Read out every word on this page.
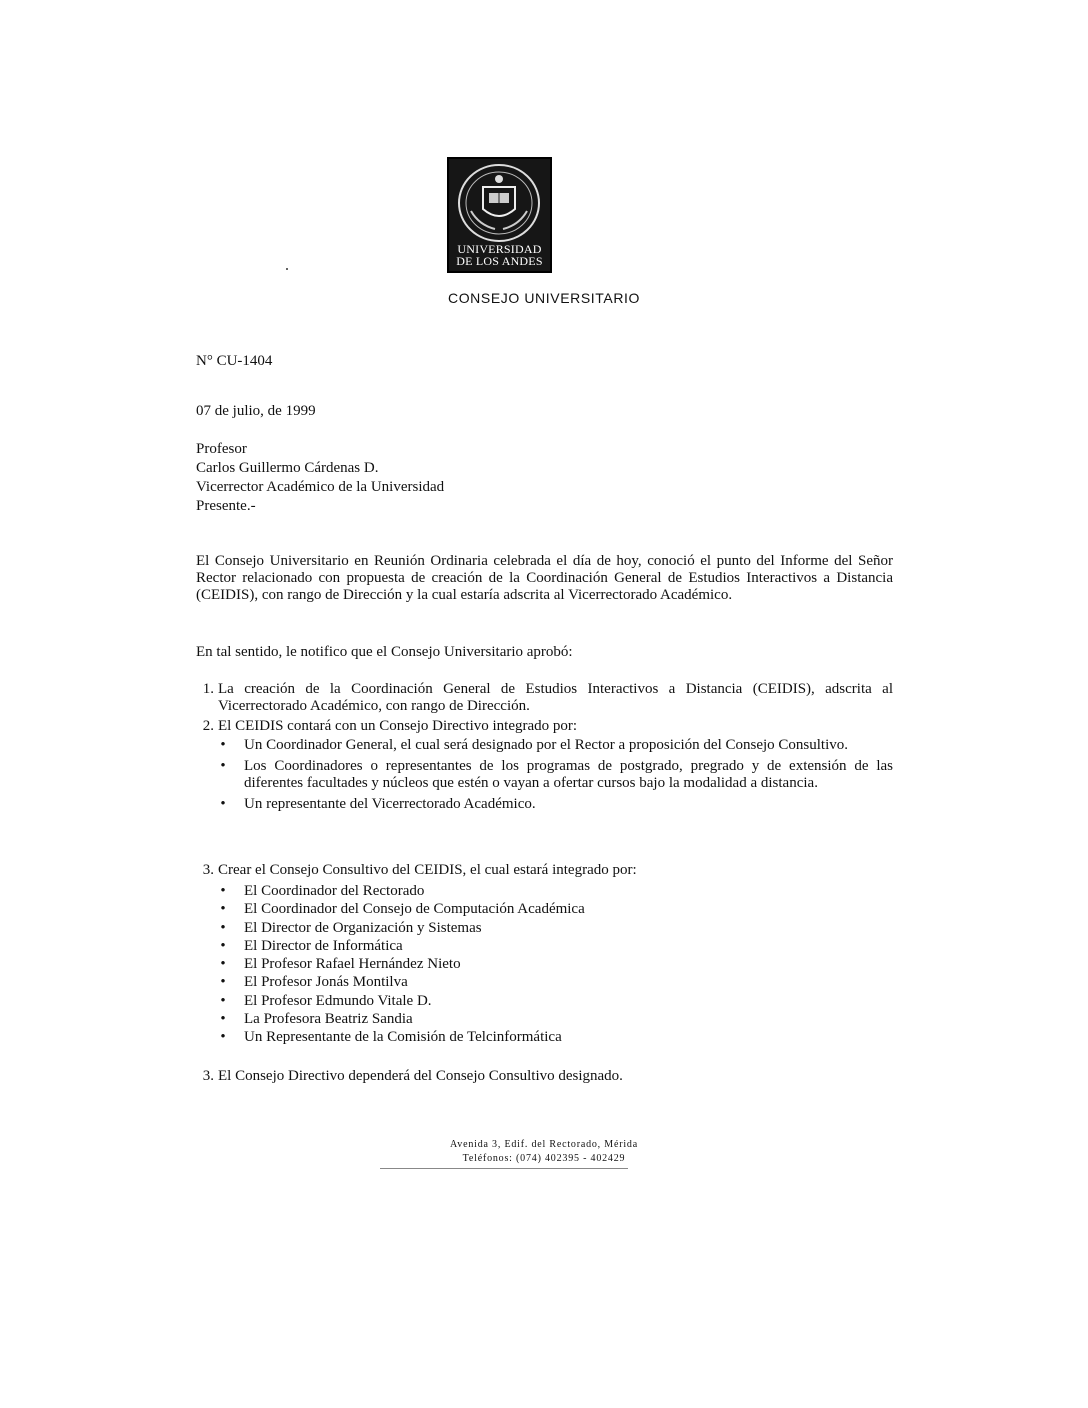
UNIVERSIDAD
DE LOS ANDES
CONSEJO UNIVERSITARIO
N° CU-1404
07 de julio, de 1999
Profesor
Carlos Guillermo Cárdenas D.
Vicerrector Académico de la Universidad
Presente.-
El Consejo Universitario en Reunión Ordinaria celebrada el día de hoy, conoció el punto del Informe del Señor Rector relacionado con propuesta de creación de la Coordinación General de Estudios Interactivos a Distancia (CEIDIS), con rango de Dirección y la cual estaría adscrita al Vicerrectorado Académico.
En tal sentido, le notifico que el Consejo Universitario aprobó:
1. La creación de la Coordinación General de Estudios Interactivos a Distancia (CEIDIS), adscrita al Vicerrectorado Académico, con rango de Dirección.
2. El CEIDIS contará con un Consejo Directivo integrado por:
• Un Coordinador General, el cual será designado por el Rector a proposición del Consejo Consultivo.
• Los Coordinadores o representantes de los programas de postgrado, pregrado y de extensión de las diferentes facultades y núcleos que estén o vayan a ofertar cursos bajo la modalidad a distancia.
• Un representante del Vicerrectorado Académico.
3. Crear el Consejo Consultivo del CEIDIS, el cual estará integrado por:
• El Coordinador del Rectorado
• El Coordinador del Consejo de Computación Académica
• El Director de Organización y Sistemas
• El Director de Informática
• El Profesor Rafael Hernández Nieto
• El Profesor Jonás Montilva
• El Profesor Edmundo Vitale D.
• La Profesora Beatriz Sandia
• Un Representante de la Comisión de Telcinformática
3. El Consejo Directivo dependerá del Consejo Consultivo designado.
Avenida 3, Edif. del Rectorado, Mérida
Teléfonos: (074) 402395 - 402429
